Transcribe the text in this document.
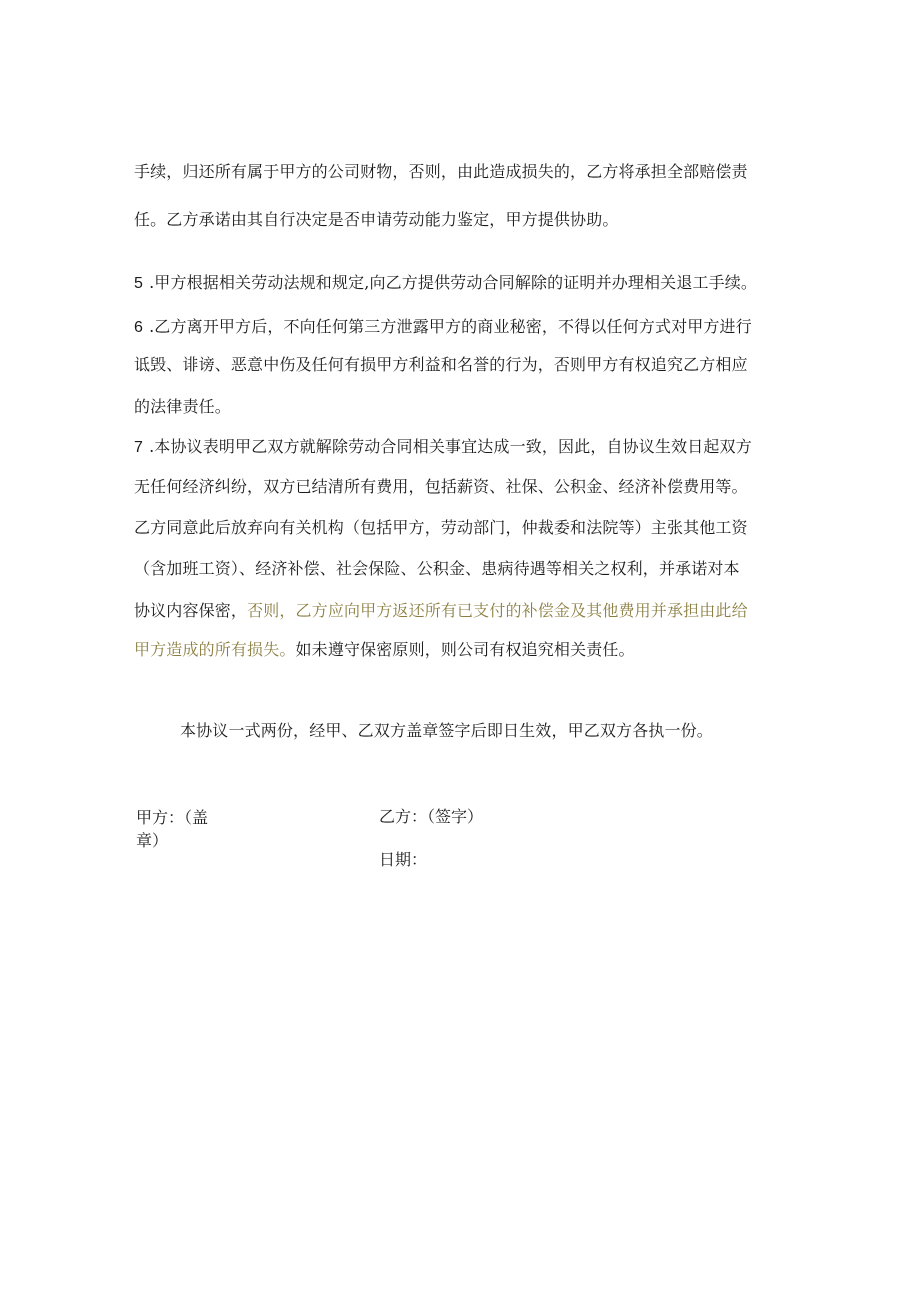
手续，归还所有属于甲方的公司财物，否则，由此造成损失的，乙方将承担全部赔偿责
任。乙方承诺由其自行决定是否申请劳动能力鉴定，甲方提供协助。
5 .甲方根据相关劳动法规和规定,向乙方提供劳动合同解除的证明并办理相关退工手续。
6 .乙方离开甲方后，不向任何第三方泄露甲方的商业秘密，不得以任何方式对甲方进行
诋毁、诽谤、恶意中伤及任何有损甲方利益和名誉的行为，否则甲方有权追究乙方相应
的法律责任。
7 .本协议表明甲乙双方就解除劳动合同相关事宜达成一致，因此，自协议生效日起双方
无任何经济纠纷，双方已结清所有费用，包括薪资、社保、公积金、经济补偿费用等。
乙方同意此后放弃向有关机构（包括甲方，劳动部门，仲裁委和法院等）主张其他工资
（含加班工资）、经济补偿、社会保险、公积金、患病待遇等相关之权利，并承诺对本
协议内容保密，否则，乙方应向甲方返还所有已支付的补偿金及其他费用并承担由此给
甲方造成的所有损失。如未遵守保密原则，则公司有权追究相关责任。
本协议一式两份，经甲、乙双方盖章签字后即日生效，甲乙双方各执一份。
甲方：（盖
章）
乙方：（签字）
日期：
